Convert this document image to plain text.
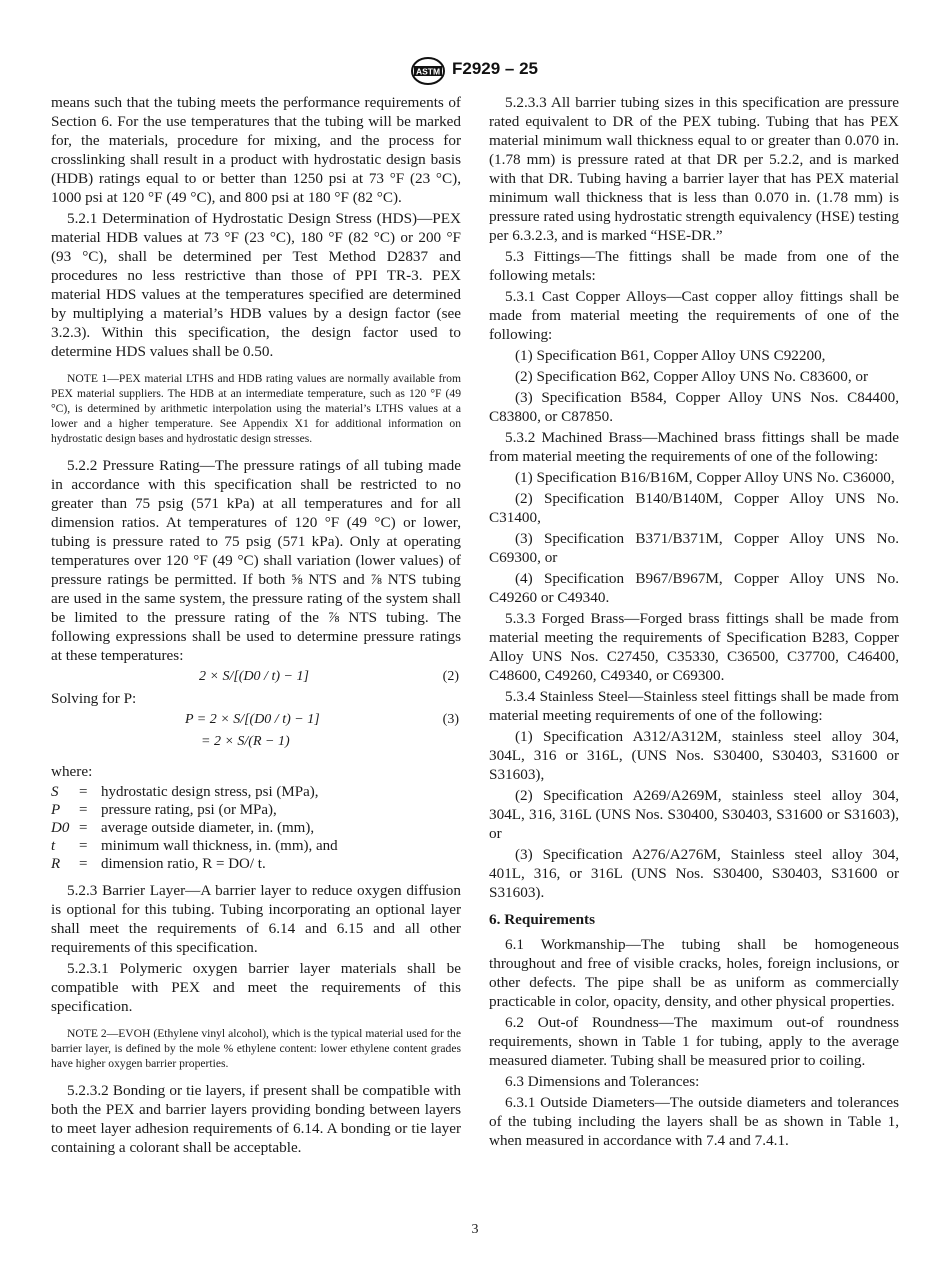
ASTM F2929 – 25

means such that the tubing meets the performance requirements of Section 6. For the use temperatures that the tubing will be marked for, the materials, procedure for mixing, and the process for crosslinking shall result in a product with hydrostatic design basis (HDB) ratings equal to or better than 1250 psi at 73 °F (23 °C), 1000 psi at 120 °F (49 °C), and 800 psi at 180 °F (82 °C).

5.2.1 Determination of Hydrostatic Design Stress (HDS)—PEX material HDB values at 73 °F (23 °C), 180 °F (82 °C) or 200 °F (93 °C), shall be determined per Test Method D2837 and procedures no less restrictive than those of PPI TR-3. PEX material HDS values at the temperatures specified are determined by multiplying a material’s HDB values by a design factor (see 3.2.3). Within this specification, the design factor used to determine HDS values shall be 0.50.

NOTE 1—PEX material LTHS and HDB rating values are normally available from PEX material suppliers. The HDB at an intermediate temperature, such as 120 °F (49 °C), is determined by arithmetic interpolation using the material’s LTHS values at a lower and a higher temperature. See Appendix X1 for additional information on hydrostatic design bases and hydrostatic design stresses.

5.2.2 Pressure Rating—The pressure ratings of all tubing made in accordance with this specification shall be restricted to no greater than 75 psig (571 kPa) at all temperatures and for all dimension ratios. At temperatures of 120 °F (49 °C) or lower, tubing is pressure rated to 75 psig (571 kPa). Only at operating temperatures over 120 °F (49 °C) shall variation (lower values) of pressure ratings be permitted. If both ⅝ NTS and ⅞ NTS tubing are used in the same system, the pressure rating of the system shall be limited to the pressure rating of the ⅞ NTS tubing. The following expressions shall be used to determine pressure ratings at these temperatures:

2 × S/[(D0 / t) − 1]	(2)

Solving for P:

P = 2 × S/[(D0 / t) − 1]	(3)
= 2 × S/(R − 1)

where:

S	=	hydrostatic design stress, psi (MPa),
P	=	pressure rating, psi (or MPa),
D0	=	average outside diameter, in. (mm),
t	=	minimum wall thickness, in. (mm), and
R	=	dimension ratio, R = DO/ t.

5.2.3 Barrier Layer—A barrier layer to reduce oxygen diffusion is optional for this tubing. Tubing incorporating an optional layer shall meet the requirements of 6.14 and 6.15 and all other requirements of this specification.

5.2.3.1 Polymeric oxygen barrier layer materials shall be compatible with PEX and meet the requirements of this specification.

NOTE 2—EVOH (Ethylene vinyl alcohol), which is the typical material used for the barrier layer, is defined by the mole % ethylene content: lower ethylene content grades have higher oxygen barrier properties.

5.2.3.2 Bonding or tie layers, if present shall be compatible with both the PEX and barrier layers providing bonding between layers to meet layer adhesion requirements of 6.14. A bonding or tie layer containing a colorant shall be acceptable.

5.2.3.3 All barrier tubing sizes in this specification are pressure rated equivalent to DR of the PEX tubing. Tubing that has PEX material minimum wall thickness equal to or greater than 0.070 in. (1.78 mm) is pressure rated at that DR per 5.2.2, and is marked with that DR. Tubing having a barrier layer that has PEX material minimum wall thickness that is less than 0.070 in. (1.78 mm) is pressure rated using hydrostatic strength equivalency (HSE) testing per 6.3.2.3, and is marked “HSE-DR.”

5.3 Fittings—The fittings shall be made from one of the following metals:

5.3.1 Cast Copper Alloys—Cast copper alloy fittings shall be made from material meeting the requirements of one of the following:

(1) Specification B61, Copper Alloy UNS C92200,

(2) Specification B62, Copper Alloy UNS No. C83600, or

(3) Specification B584, Copper Alloy UNS Nos. C84400, C83800, or C87850.

5.3.2 Machined Brass—Machined brass fittings shall be made from material meeting the requirements of one of the following:

(1) Specification B16/B16M, Copper Alloy UNS No. C36000,

(2) Specification B140/B140M, Copper Alloy UNS No. C31400,

(3) Specification B371/B371M, Copper Alloy UNS No. C69300, or

(4) Specification B967/B967M, Copper Alloy UNS No. C49260 or C49340.

5.3.3 Forged Brass—Forged brass fittings shall be made from material meeting the requirements of Specification B283, Copper Alloy UNS Nos. C27450, C35330, C36500, C37700, C46400, C48600, C49260, C49340, or C69300.

5.3.4 Stainless Steel—Stainless steel fittings shall be made from material meeting requirements of one of the following:

(1) Specification A312/A312M, stainless steel alloy 304, 304L, 316 or 316L, (UNS Nos. S30400, S30403, S31600 or S31603),

(2) Specification A269/A269M, stainless steel alloy 304, 304L, 316, 316L (UNS Nos. S30400, S30403, S31600 or S31603), or

(3) Specification A276/A276M, Stainless steel alloy 304, 401L, 316, or 316L (UNS Nos. S30400, S30403, S31600 or S31603).

6. Requirements

6.1 Workmanship—The tubing shall be homogeneous throughout and free of visible cracks, holes, foreign inclusions, or other defects. The pipe shall be as uniform as commercially practicable in color, opacity, density, and other physical properties.

6.2 Out-of Roundness—The maximum out-of roundness requirements, shown in Table 1 for tubing, apply to the average measured diameter. Tubing shall be measured prior to coiling.

6.3 Dimensions and Tolerances:

6.3.1 Outside Diameters—The outside diameters and tolerances of the tubing including the layers shall be as shown in Table 1, when measured in accordance with 7.4 and 7.4.1.

3
